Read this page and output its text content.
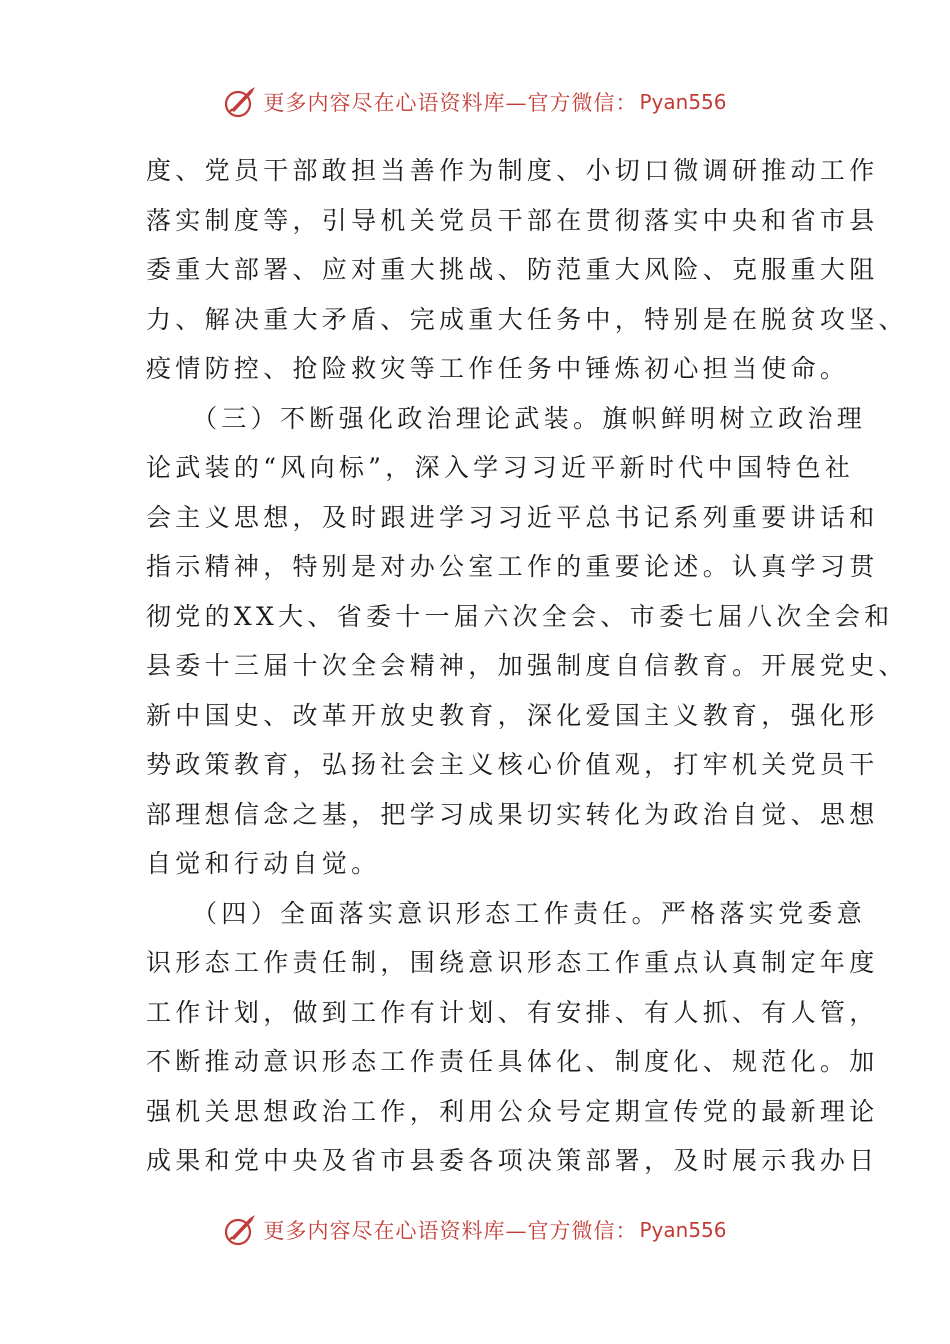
更多内容尽在心语资料库—官方微信： Pyan556
度、党员干部敢担当善作为制度、小切口微调研推动工作
落实制度等，引导机关党员干部在贯彻落实中央和省市县
委重大部署、应对重大挑战、防范重大风险、克服重大阻
力、解决重大矛盾、完成重大任务中，特别是在脱贫攻坚、
疫情防控、抢险救灾等工作任务中锤炼初心担当使命。
　　（三）不断强化政治理论武装。旗帜鲜明树立政治理
论武装的“风向标”，深入学习习近平新时代中国特色社
会主义思想，及时跟进学习习近平总书记系列重要讲话和
指示精神，特别是对办公室工作的重要论述。认真学习贯
彻党的XX大、省委十一届六次全会、市委七届八次全会和
县委十三届十次全会精神，加强制度自信教育。开展党史、
新中国史、改革开放史教育，深化爱国主义教育，强化形
势政策教育，弘扬社会主义核心价值观，打牢机关党员干
部理想信念之基，把学习成果切实转化为政治自觉、思想
自觉和行动自觉。
　　（四）全面落实意识形态工作责任。严格落实党委意
识形态工作责任制，围绕意识形态工作重点认真制定年度
工作计划，做到工作有计划、有安排、有人抓、有人管，
不断推动意识形态工作责任具体化、制度化、规范化。加
强机关思想政治工作，利用公众号定期宣传党的最新理论
成果和党中央及省市县委各项决策部署，及时展示我办日
更多内容尽在心语资料库—官方微信： Pyan556
